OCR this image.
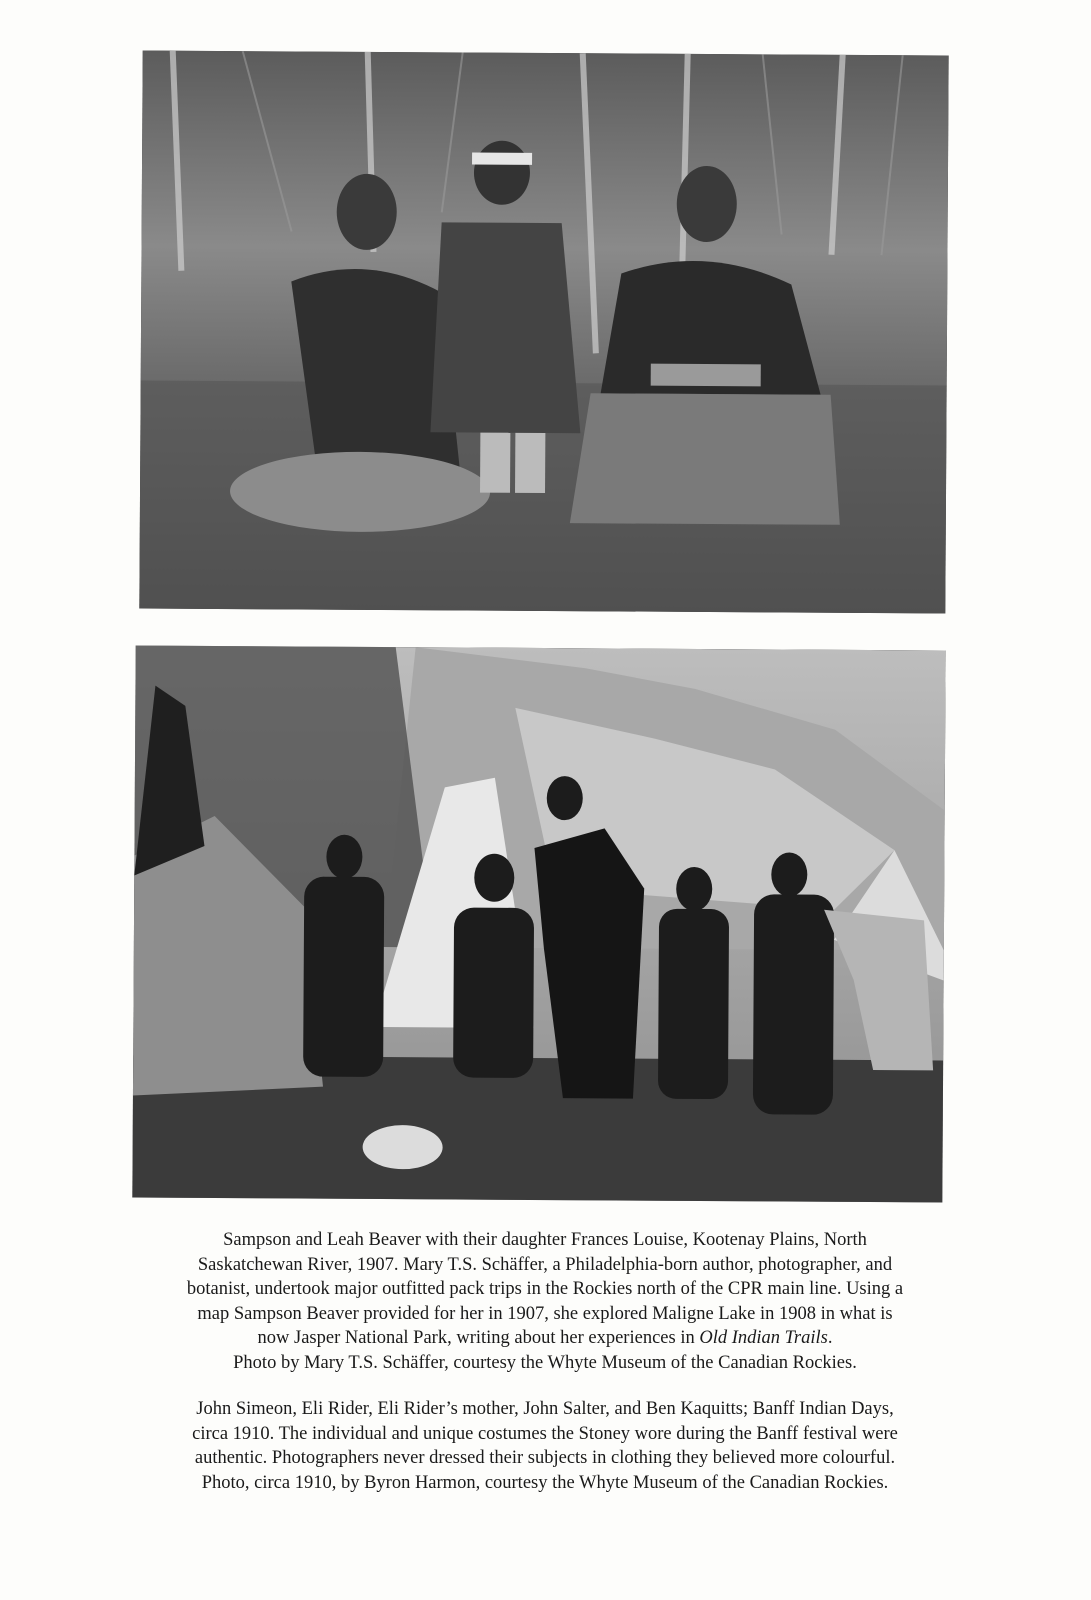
Sampson and Leah Beaver with their daughter Frances Louise, Kootenay Plains, North

Saskatchewan River, 1907. Mary T.S. Schäffer, a Philadelphia-born author, photographer, and

botanist, undertook major outfitted pack trips in the Rockies north of the CPR main line. Using a

map Sampson Beaver provided for her in 1907, she explored Maligne Lake in 1908 in what is

now Jasper National Park, writing about her experiences in Old Indian Trails.

Photo by Mary T.S. Schäffer, courtesy the Whyte Museum of the Canadian Rockies.

John Simeon, Eli Rider, Eli Rider’s mother, John Salter, and Ben Kaquitts; Banff Indian Days,

circa 1910. The individual and unique costumes the Stoney wore during the Banff festival were

authentic. Photographers never dressed their subjects in clothing they believed more colourful.

Photo, circa 1910, by Byron Harmon, courtesy the Whyte Museum of the Canadian Rockies.
